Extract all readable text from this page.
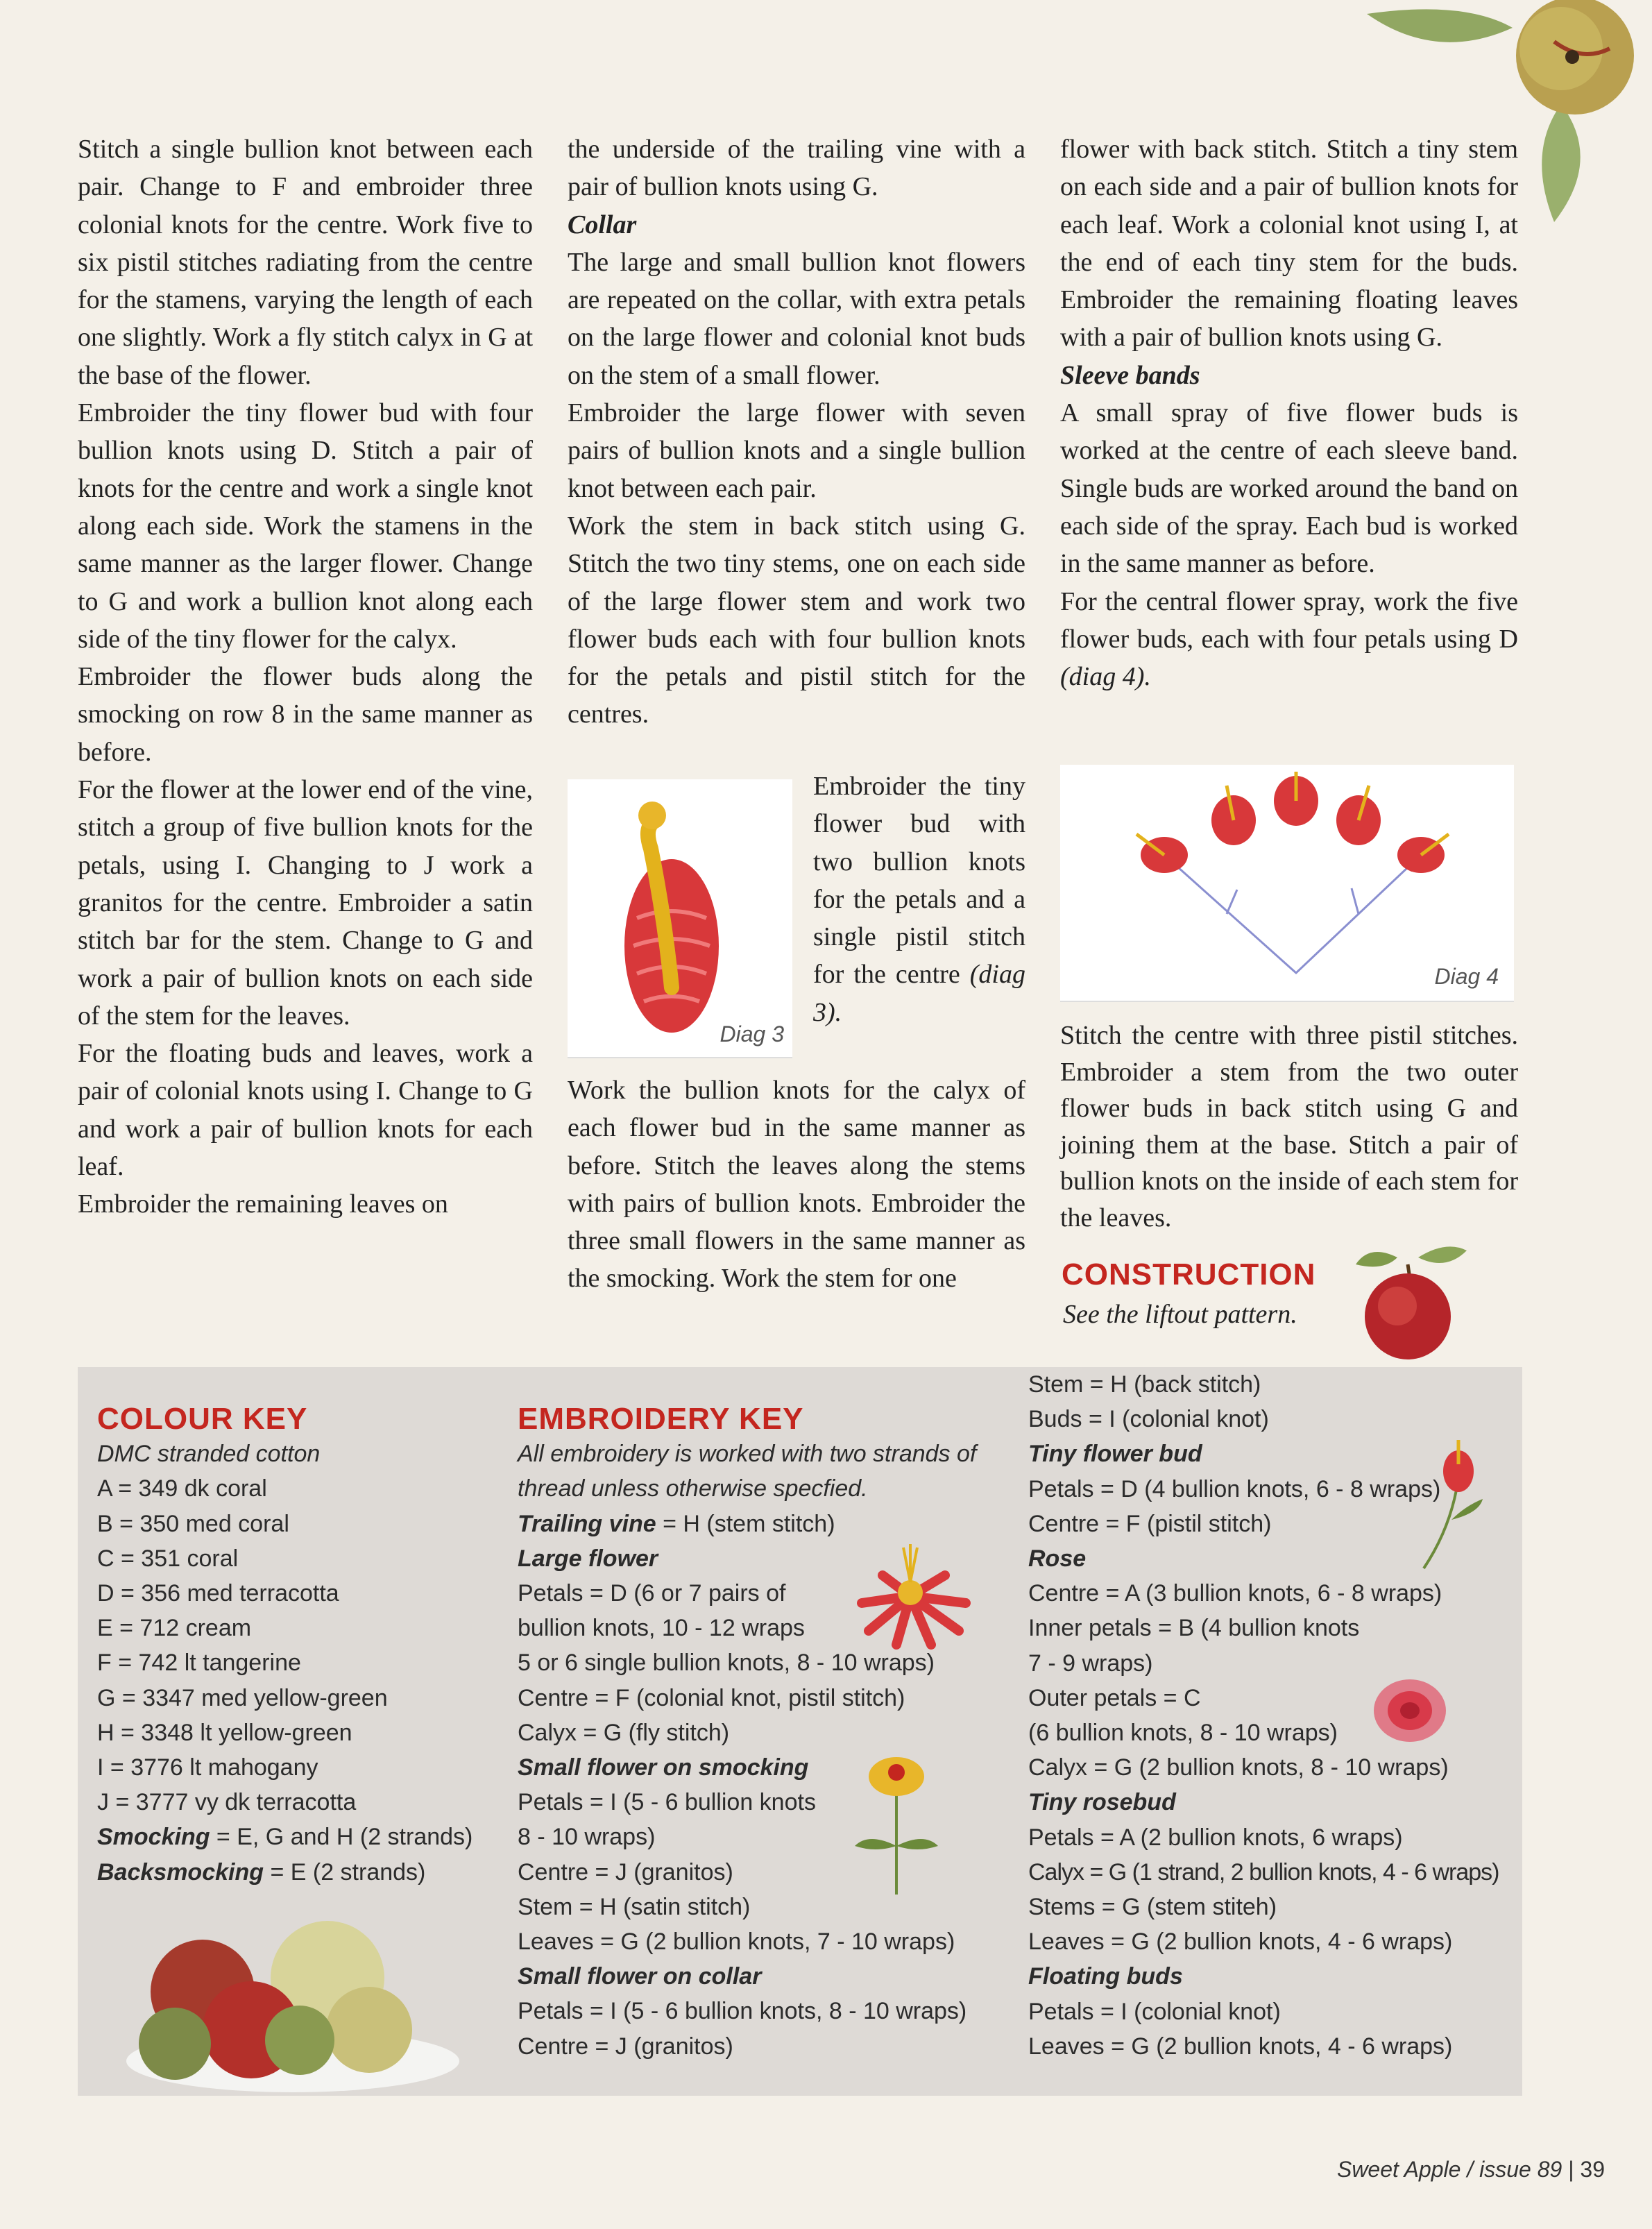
Stitch a single bullion knot between each pair. Change to F and embroider three colonial knots for the centre. Work five to six pistil stitches radiating from the centre for the stamens, varying the length of each one slightly. Work a fly stitch calyx in G at the base of the flower.

Embroider the tiny flower bud with four bullion knots using D. Stitch a pair of knots for the centre and work a single knot along each side. Work the stamens in the same manner as the larger flower. Change to G and work a bullion knot along each side of the tiny flower for the calyx.

Embroider the flower buds along the smocking on row 8 in the same manner as before.

For the flower at the lower end of the vine, stitch a group of five bullion knots for the petals, using I. Changing to J work a granitos for the centre. Embroider a satin stitch bar for the stem. Change to G and work a pair of bullion knots on each side of the stem for the leaves.

For the floating buds and leaves, work a pair of colonial knots using I. Change to G and work a pair of bullion knots for each leaf.

Embroider the remaining leaves on

the underside of the trailing vine with a pair of bullion knots using G.

Collar

The large and small bullion knot flowers are repeated on the collar, with extra petals on the large flower and colonial knot buds on the stem of a small flower.

Embroider the large flower with seven pairs of bullion knots and a single bullion knot between each pair.

Work the stem in back stitch using G. Stitch the two tiny stems, one on each side of the large flower stem and work two flower buds each with four bullion knots for the petals and pistil stitch for the centres.

Diag 3
Embroider the tiny flower bud with two bullion knots for the petals and a single pistil stitch for the centre (diag 3).

Work the bullion knots for the calyx of each flower bud in the same manner as before. Stitch the leaves along the stems with pairs of bullion knots. Embroider the three small flowers in the same manner as the smocking. Work the stem for one

flower with back stitch. Stitch a tiny stem on each side and a pair of bullion knots for each leaf. Work a colonial knot using I, at the end of each tiny stem for the buds. Embroider the remaining floating leaves with a pair of bullion knots using G.

Sleeve bands

A small spray of five flower buds is worked at the centre of each sleeve band. Single buds are worked around the band on each side of the spray. Each bud is worked in the same manner as before.

For the central flower spray, work the five flower buds, each with four petals using D (diag 4).

Diag 4

Stitch the centre with three pistil stitches. Embroider a stem from the two outer flower buds in back stitch using G and joining them at the base. Stitch a pair of bullion knots on the inside of each stem for the leaves.

CONSTRUCTION
See the liftout pattern.
COLOUR KEY
DMC stranded cotton
A = 349 dk coral
B = 350 med coral
C = 351 coral
D = 356 med terracotta
E = 712 cream
F = 742 lt tangerine
G = 3347 med yellow-green
H = 3348 lt yellow-green
I = 3776 lt mahogany
J = 3777 vy dk terracotta
Smocking = E, G and H (2 strands)
Backsmocking = E (2 strands)
EMBROIDERY KEY
All embroidery is worked with two strands of
thread unless otherwise specfied.
Trailing vine = H (stem stitch)
Large flower
Petals = D (6 or 7 pairs of
bullion knots, 10 - 12 wraps
5 or 6 single bullion knots, 8 - 10 wraps)
Centre = F (colonial knot, pistil stitch)
Calyx = G (fly stitch)
Small flower on smocking
Petals = I (5 - 6 bullion knots
8 - 10 wraps)
Centre = J (granitos)
Stem = H (satin stitch)
Leaves = G (2 bullion knots, 7 - 10 wraps)
Small flower on collar
Petals = I (5 - 6 bullion knots, 8 - 10 wraps)
Centre = J (granitos)
Stem = H (back stitch)
Buds = I (colonial knot)
Tiny flower bud
Petals = D (4 bullion knots, 6 - 8 wraps)
Centre = F (pistil stitch)
Rose
Centre = A (3 bullion knots, 6 - 8 wraps)
Inner petals = B (4 bullion knots
7 - 9 wraps)
Outer petals = C
(6 bullion knots, 8 - 10 wraps)
Calyx = G (2 bullion knots, 8 - 10 wraps)
Tiny rosebud
Petals = A (2 bullion knots, 6 wraps)
Calyx = G (1 strand, 2 bullion knots, 4 - 6 wraps)
Stems = G (stem stiteh)
Leaves = G (2 bullion knots, 4 - 6 wraps)
Floating buds
Petals = I (colonial knot)
Leaves = G (2 bullion knots, 4 - 6 wraps)
Sweet Apple / issue 89 | 39
